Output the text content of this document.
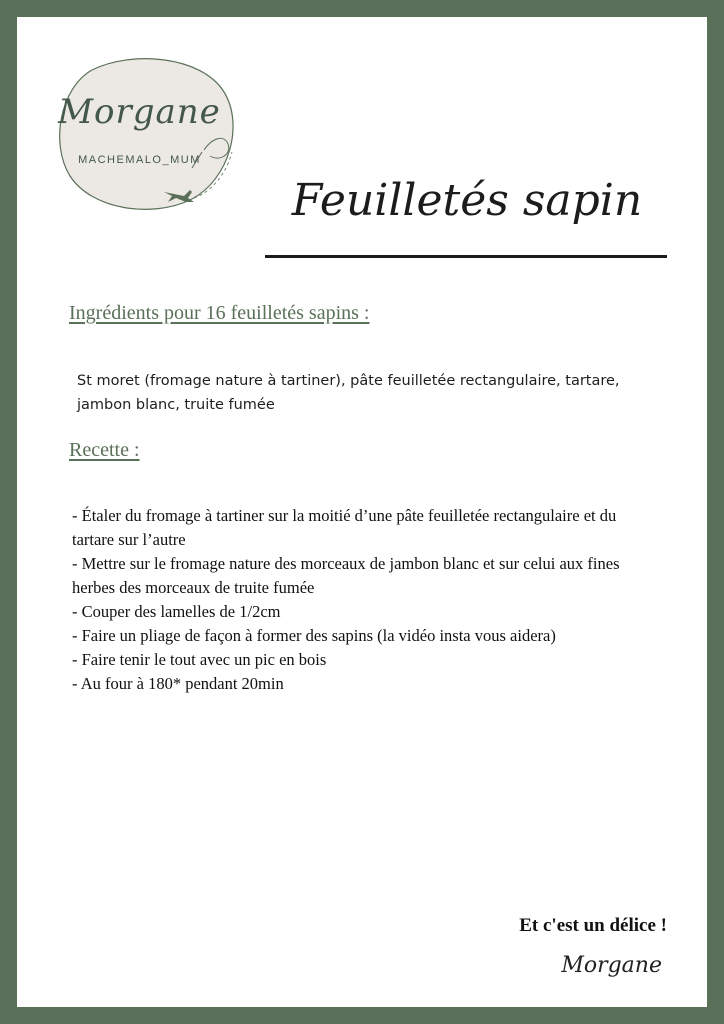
Morgane
MACHEMALO_MUM
Feuilletés sapin
Ingrédients pour 16 feuilletés sapins :
St moret (fromage nature à tartiner), pâte feuilletée rectangulaire, tartare, jambon blanc, truite fumée
Recette :
- Étaler du fromage à tartiner sur la moitié d’une pâte feuilletée rectangulaire et du tartare sur l’autre
- Mettre sur le fromage nature des morceaux de jambon blanc et sur celui aux fines herbes des morceaux de truite fumée
- Couper des lamelles de 1/2cm
- Faire un pliage de façon à former des sapins (la vidéo insta vous aidera)
- Faire tenir le tout avec un pic en bois
- Au four à 180* pendant 20min
Et c'est un délice !
Morgane
